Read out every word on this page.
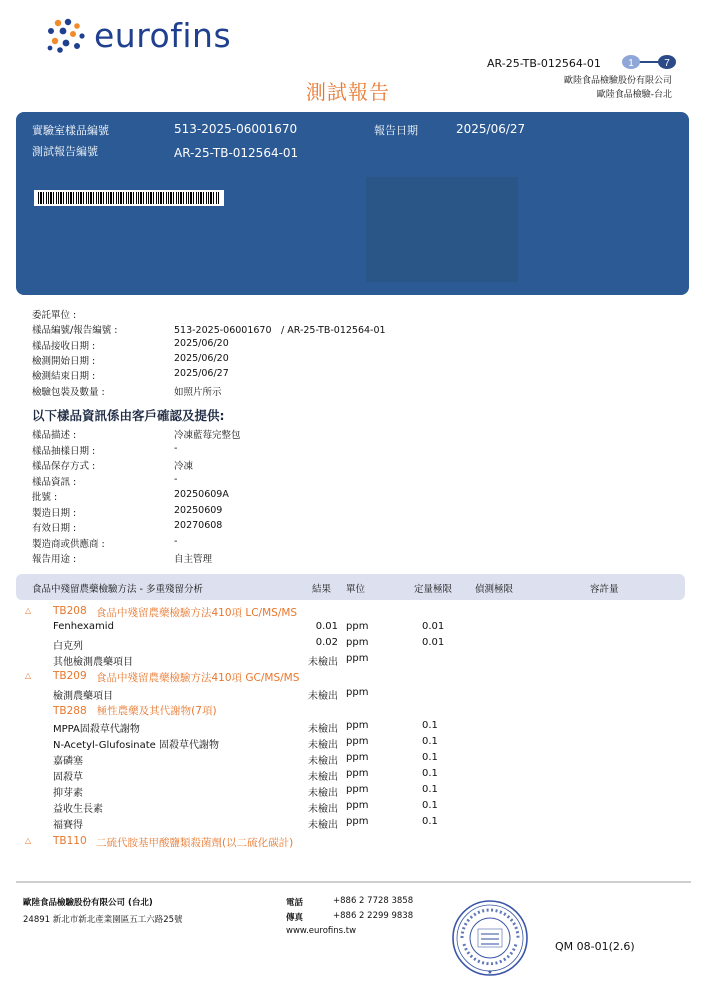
eurofins
AR-25-TB-012564-01	1	7
歐陸食品檢驗股份有限公司
歐陸食品檢驗-台北
測試報告
實驗室樣品編號	513-2025-06001670	報告日期	2025/06/27
測試報告編號	AR-25-TB-012564-01
委託單位 :
樣品編號/報告編號 :	513-2025-06001670　/ AR-25-TB-012564-01
樣品接收日期 :	2025/06/20
檢測開始日期 :	2025/06/20
檢測結束日期 :	2025/06/27
檢驗包裝及數量 :	如照片所示
以下樣品資訊係由客戶確認及提供:
樣品描述 :	冷凍藍莓完整包
樣品抽樣日期 :	-
樣品保存方式 :	冷凍
樣品資訊 :	-
批號 :	20250609A
製造日期 :	20250609
有效日期 :	20270608
製造商或供應商 :	-
報告用途 :	自主管理
食品中殘留農藥檢驗方法 - 多重殘留分析	結果 單位	定量極限 偵測極限	容許量
△ TB208 食品中殘留農藥檢驗方法410項 LC/MS/MS
Fenhexamid	0.01 ppm	0.01
白克列	0.02 ppm	0.01
其他檢測農藥項目	未檢出 ppm
△ TB209 食品中殘留農藥檢驗方法410項 GC/MS/MS
檢測農藥項目	未檢出 ppm
TB288 極性農藥及其代謝物(7項)
MPPA固殺草代謝物	未檢出 ppm	0.1
N-Acetyl-Glufosinate 固殺草代謝物	未檢出 ppm	0.1
嘉磷塞	未檢出 ppm	0.1
固殺草	未檢出 ppm	0.1
抑芽素	未檢出 ppm	0.1
益收生長素	未檢出 ppm	0.1
福賽得	未檢出 ppm	0.1
△ TB110 二硫代胺基甲酸鹽類殺菌劑(以二硫化碳計)
歐陸食品檢驗股份有限公司 (台北)
24891 新北市新北產業園區五工六路25號
電話	+886 2 7728 3858
傳真	+886 2 2299 9838
www.eurofins.tw
★
QM 08-01(2.6)
